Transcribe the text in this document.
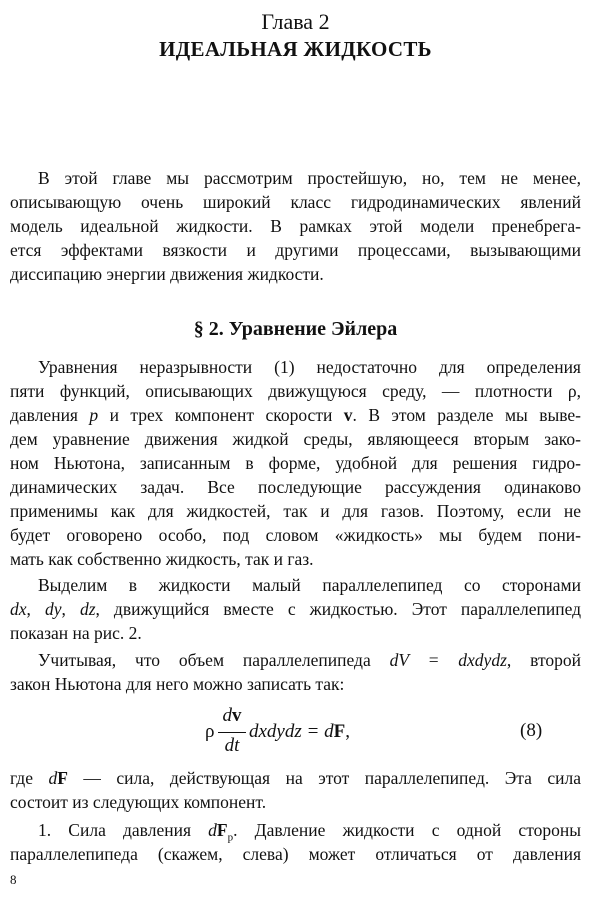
Глава 2
ИДЕАЛЬНАЯ ЖИДКОСТЬ
В этой главе мы рассмотрим простейшую, но, тем не менее,
описывающую очень широкий класс гидродинамических явлений
модель идеальной жидкости. В рамках этой модели пренебрега-
ется эффектами вязкости и другими процессами, вызывающими
диссипацию энергии движения жидкости.
§ 2. Уравнение Эйлера
Уравнения неразрывности (1) недостаточно для определения
пяти функций, описывающих движущуюся среду, — плотности ρ,
давления p и трех компонент скорости v. В этом разделе мы выве-
дем уравнение движения жидкой среды, являющееся вторым зако-
ном Ньютона, записанным в форме, удобной для решения гидро-
динамических задач. Все последующие рассуждения одинаково
применимы как для жидкостей, так и для газов. Поэтому, если не
будет оговорено особо, под словом «жидкость» мы будем пони-
мать как собственно жидкость, так и газ.
Выделим в жидкости малый параллелепипед со сторонами
dx, dy, dz, движущийся вместе с жидкостью. Этот параллелепипед
показан на рис. 2.
Учитывая, что объем параллелепипеда dV = dxdydz, второй
закон Ньютона для него можно записать так:
ρ
dv
dt
dxdydz = dF,	(8)
где dF — сила, действующая на этот параллелепипед. Эта сила
состоит из следующих компонент.
1. Сила давления $dF_p$. Давление жидкости с одной стороны
параллелепипеда (скажем, слева) может отличаться от давления
8
